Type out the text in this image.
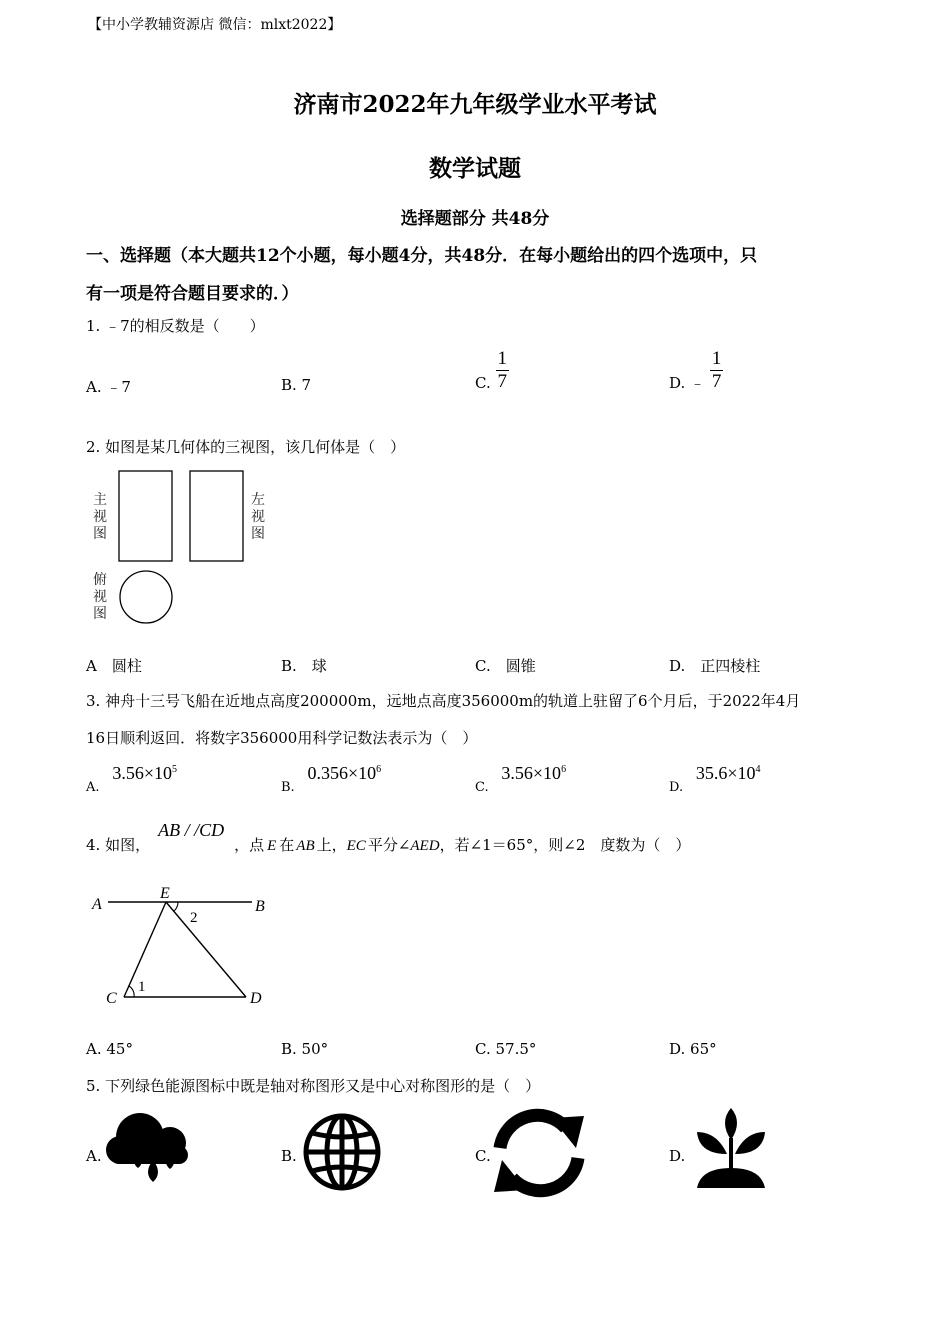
【中小学教辅资源店 微信：mlxt2022】
济南市2022年九年级学业水平考试
数学试题
选择题部分 共48分
一、选择题（本大题共12个小题，每小题4分，共48分．在每小题给出的四个选项中，只
有一项是符合题目要求的．）
1. ﹣7的相反数是（　　）
A. ﹣7	B. 7	C. $\frac{1}{7}$	D. ﹣ $\frac{1}{7}$
2. 如图是某几何体的三视图，该几何体是（　）
主视图
左视图
俯视图
A　圆柱	B.　球	C.　圆锥	D.　正四棱柱
3. 神舟十三号飞船在近地点高度200000m，远地点高度356000m的轨道上驻留了6个月后，于2022年4月
16日顺利返回．将数字356000用科学记数法表示为（　）
A. $3.56\times 10^5$
B. $0.356\times 10^6$
C. $3.56\times 10^6$
D. $35.6\times 10^4$
4. 如图，AB / /CD，点 E 在 AB 上，EC 平分∠AED，若∠1＝65°，则∠2　度数为（　）
A
E
B
C	D
1
2
A. 45°	B. 50°	C. 57.5°	D. 65°
5. 下列绿色能源图标中既是轴对称图形又是中心对称图形的是（　）
A.	B.	C.	D.
